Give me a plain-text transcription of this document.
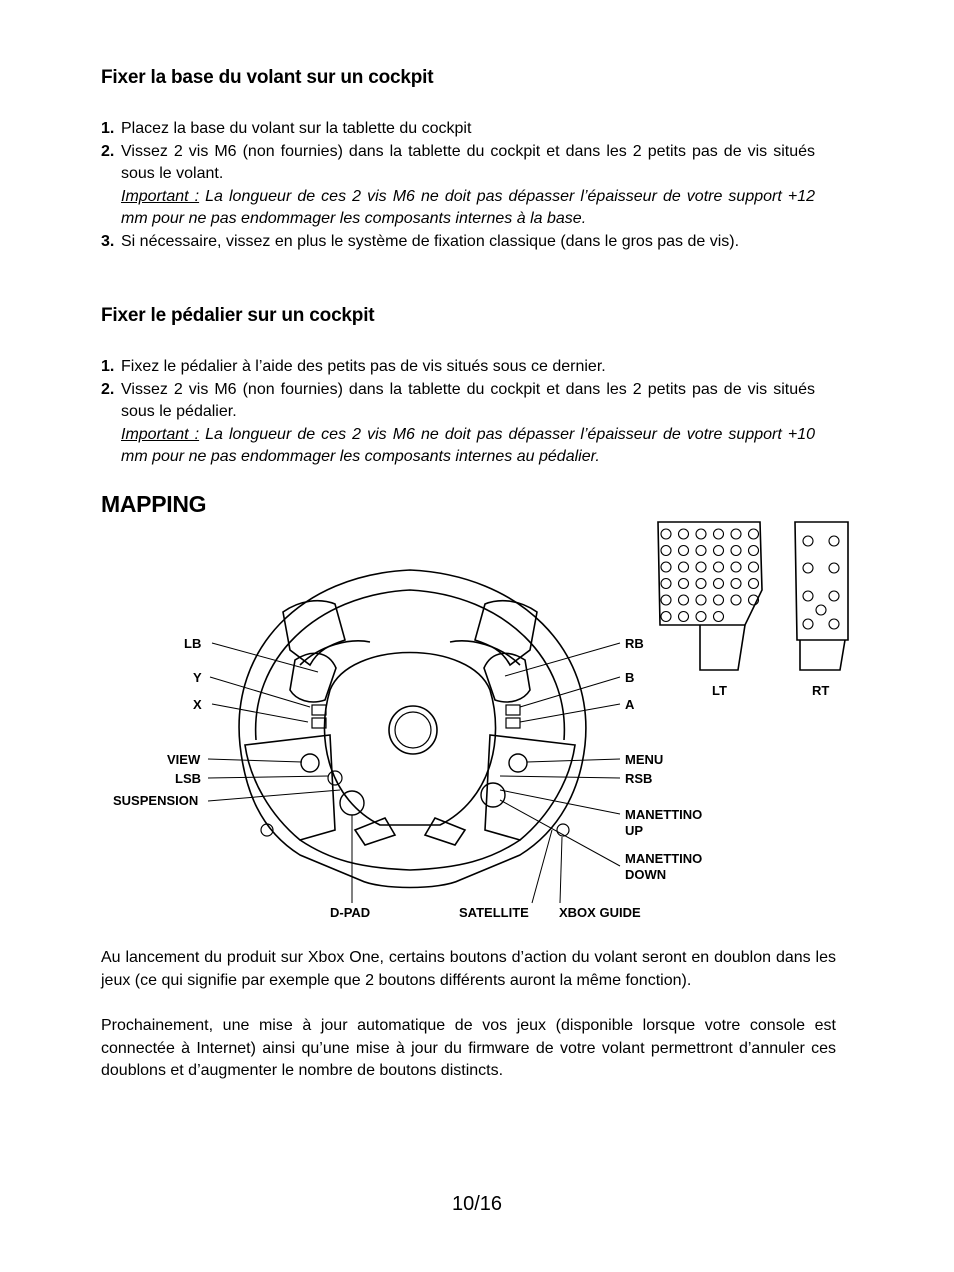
Fixer la base du volant sur un cockpit
1. Placez la base du volant sur la tablette du cockpit
2. Vissez 2 vis M6 (non fournies) dans la tablette du cockpit et dans les 2 petits pas de vis situés sous le volant.
Important : La longueur de ces 2 vis M6 ne doit pas dépasser l’épaisseur de votre support +12 mm pour ne pas endommager les composants internes à la base.
3. Si nécessaire, vissez en plus le système de fixation classique (dans le gros pas de vis).
Fixer le pédalier sur un cockpit
1. Fixez le pédalier à l’aide des petits pas de vis situés sous ce dernier.
2. Vissez 2 vis M6 (non fournies) dans la tablette du cockpit et dans les 2 petits pas de vis situés sous le pédalier.
Important : La longueur de ces 2 vis M6 ne doit pas dépasser l’épaisseur de votre support +10 mm pour ne pas endommager les composants internes au pédalier.
MAPPING
LB
Y
X
VIEW
LSB
SUSPENSION
RB
B
A
MENU
RSB
MANETTINO
UP
MANETTINO
DOWN
D-PAD	SATELLITE XBOX GUIDE
LT	RT
Au lancement du produit sur Xbox One, certains boutons d’action du volant seront en doublon dans les jeux (ce qui signifie par exemple que 2 boutons différents auront la même fonction).
Prochainement, une mise à jour automatique de vos jeux (disponible lorsque votre console est connectée à Internet) ainsi qu’une mise à jour du firmware de votre volant permettront d’annuler ces doublons et d’augmenter le nombre de boutons distincts.
10/16
